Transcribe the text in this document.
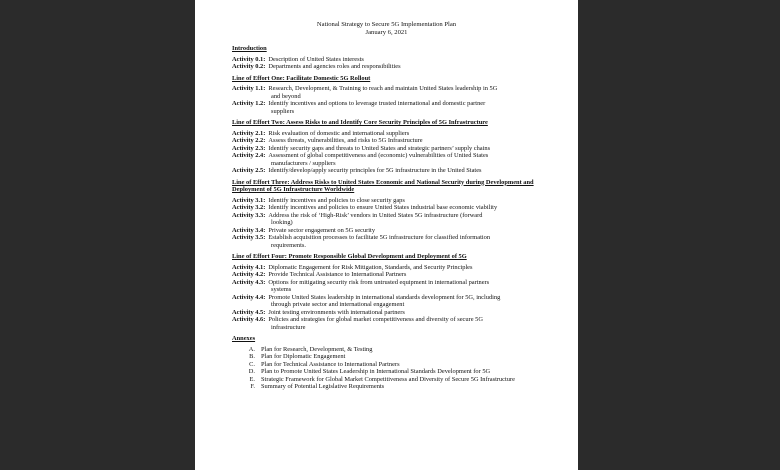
National Strategy to Secure 5G Implementation Plan
January 6, 2021
Introduction
Activity 0.1: Description of United States interests
Activity 0.2: Departments and agencies roles and responsibilities
Line of Effort One: Facilitate Domestic 5G Rollout
Activity 1.1: Research, Development, & Training to reach and maintain United States leadership in 5G
and beyond
Activity 1.2: Identify incentives and options to leverage trusted international and domestic partner
suppliers
Line of Effort Two: Assess Risks to and Identify Core Security Principles of 5G Infrastructure
Activity 2.1: Risk evaluation of domestic and international suppliers
Activity 2.2: Assess threats, vulnerabilities, and risks to 5G Infrastructure
Activity 2.3: Identify security gaps and threats to United States and strategic partners’ supply chains
Activity 2.4: Assessment of global competitiveness and (economic) vulnerabilities of United States
manufacturers / suppliers
Activity 2.5: Identify/develop/apply security principles for 5G infrastructure in the United States
Line of Effort Three: Address Risks to United States Economic and National Security during Development and Deployment of 5G Infrastructure Worldwide
Activity 3.1: Identify incentives and policies to close security gaps
Activity 3.2: Identify incentives and policies to ensure United States industrial base economic viability
Activity 3.3: Address the risk of ‘High-Risk’ vendors in United States 5G infrastructure (forward
looking)
Activity 3.4: Private sector engagement on 5G security
Activity 3.5: Establish acquisition processes to facilitate 5G infrastructure for classified information
requirements.
Line of Effort Four: Promote Responsible Global Development and Deployment of 5G
Activity 4.1: Diplomatic Engagement for Risk Mitigation, Standards, and Security Principles
Activity 4.2: Provide Technical Assistance to International Partners
Activity 4.3: Options for mitigating security risk from untrusted equipment in international partners
systems
Activity 4.4: Promote United States leadership in international standards development for 5G, including
through private sector and international engagement
Activity 4.5: Joint testing environments with international partners
Activity 4.6: Policies and strategies for global market competitiveness and diversity of secure 5G
infrastructure
Annexes
A. Plan for Research, Development, & Testing
B. Plan for Diplomatic Engagement
C. Plan for Technical Assistance to International Partners
D. Plan to Promote United States Leadership in International Standards Development for 5G
E. Strategic Framework for Global Market Competitiveness and Diversity of Secure 5G Infrastructure
F. Summary of Potential Legislative Requirements
